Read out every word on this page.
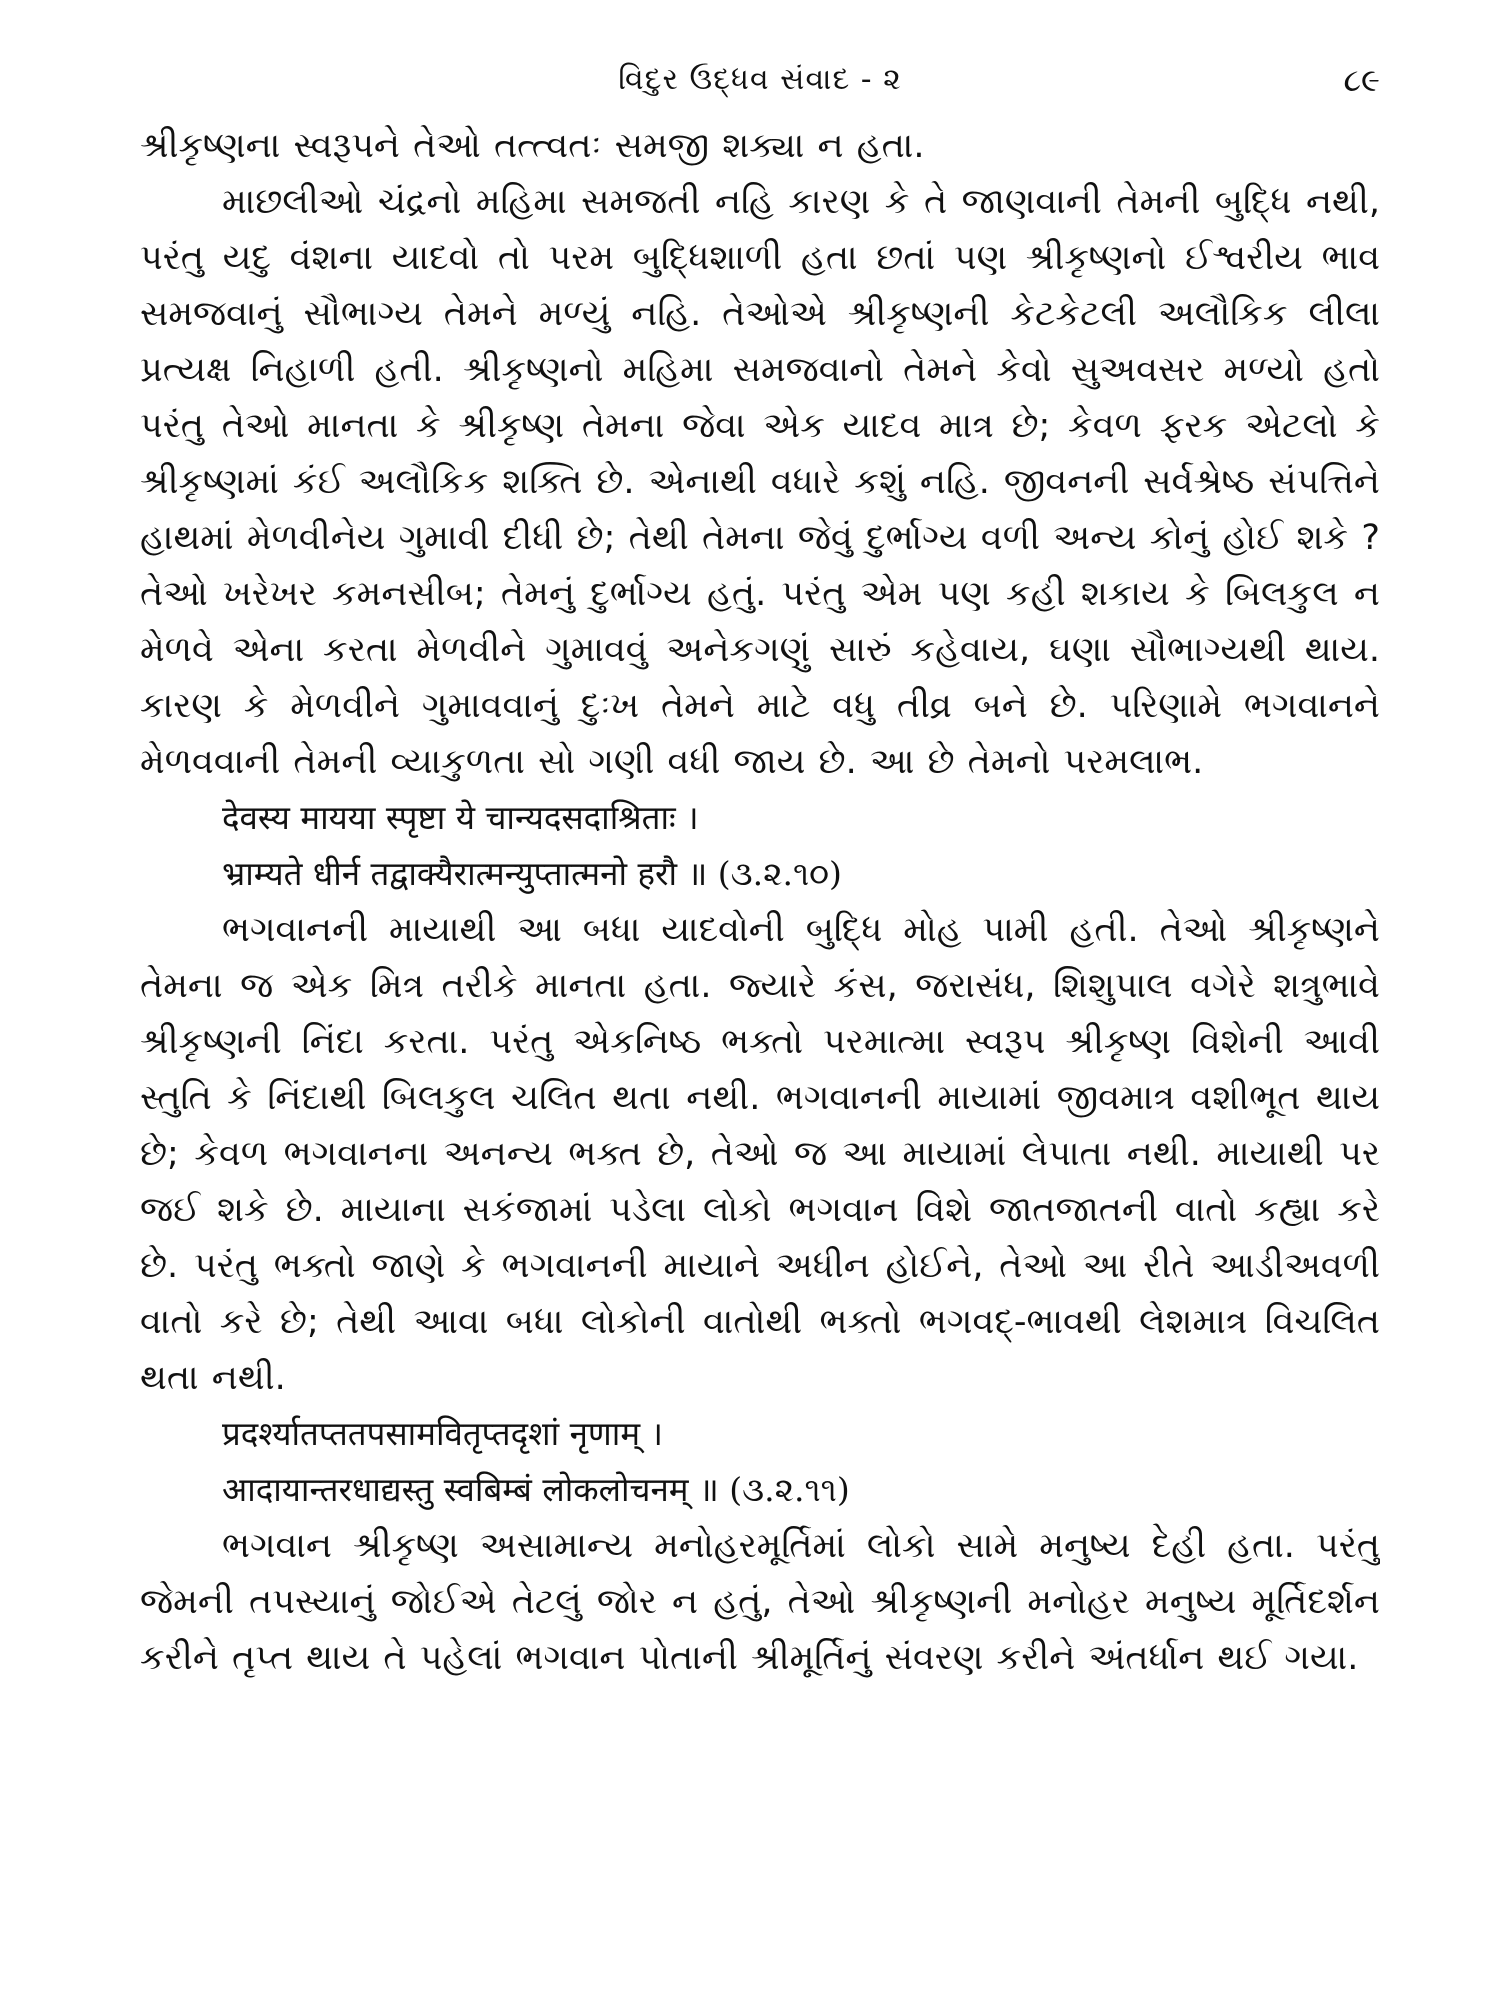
વિદુર ઉદ્ધવ સંવાદ - ૨	૮૯

શ્રીકૃષ્ણના સ્વરૂપને તેઓ તત્ત્વતઃ સમજી શક્યા ન હતા.

માછલીઓ ચંદ્રનો મહિમા સમજતી નહિ કારણ કે તે જાણવાની તેમની બુદ્ધિ નથી, પરંતુ યદુ વંશના યાદવો તો પરમ બુદ્ધિશાળી હતા છતાં પણ શ્રીકૃષ્ણનો ઈશ્વરીય ભાવ સમજવાનું સૌભાગ્ય તેમને મળ્યું નહિ. તેઓએ શ્રીકૃષ્ણની કેટકેટલી અલૌકિક લીલા પ્રત્યક્ષ નિહાળી હતી. શ્રીકૃષ્ણનો મહિમા સમજવાનો તેમને કેવો સુઅવસર મળ્યો હતો પરંતુ તેઓ માનતા કે શ્રીકૃષ્ણ તેમના જેવા એક યાદવ માત્ર છે; કેવળ ફરક એટલો કે શ્રીકૃષ્ણમાં કંઈ અલૌકિક શક્તિ છે. એનાથી વધારે કશું નહિ. જીવનની સર્વશ્રેષ્ઠ સંપત્તિને હાથમાં મેળવીનેય ગુમાવી દીધી છે; તેથી તેમના જેવું દુર્ભાગ્ય વળી અન્ય કોનું હોઈ શકે ? તેઓ ખરેખર કમનસીબ; તેમનું દુર્ભાગ્ય હતું. પરંતુ એમ પણ કહી શકાય કે બિલકુલ ન મેળવે એના કરતા મેળવીને ગુમાવવું અનેકગણું સારું કહેવાય, ઘણા સૌભાગ્યથી થાય. કારણ કે મેળવીને ગુમાવવાનું દુઃખ તેમને માટે વધુ તીવ્ર બને છે. પરિણામે ભગવાનને મેળવવાની તેમની વ્યાકુળતા સો ગણી વધી જાય છે. આ છે તેમનો પરમલાભ.

देवस्य मायया स्पृष्टा ये चान्यदसदाश्रिताः ।

भ्राम्यते धीर्न तद्वाक्यैरात्मन्युप्तात्मनो हरौ ॥ (૩.૨.૧૦)

ભગવાનની માયાથી આ બધા યાદવોની બુદ્ધિ મોહ પામી હતી. તેઓ શ્રીકૃષ્ણને તેમના જ એક મિત્ર તરીકે માનતા હતા. જ્યારે કંસ, જરાસંધ, શિશુપાલ વગેરે શત્રુભાવે શ્રીકૃષ્ણની નિંદા કરતા. પરંતુ એકનિષ્ઠ ભક્તો પરમાત્મા સ્વરૂપ શ્રીકૃષ્ણ વિશેની આવી સ્તુતિ કે નિંદાથી બિલકુલ ચલિત થતા નથી. ભગવાનની માયામાં જીવમાત્ર વશીભૂત થાય છે; કેવળ ભગવાનના અનન્ય ભક્ત છે, તેઓ જ આ માયામાં લેપાતા નથી. માયાથી પર જઈ શકે છે. માયાના સકંજામાં પડેલા લોકો ભગવાન વિશે જાતજાતની વાતો કહ્યા કરે છે. પરંતુ ભક્તો જાણે કે ભગવાનની માયાને અધીન હોઈને, તેઓ આ રીતે આડીઅવળી વાતો કરે છે; તેથી આવા બધા લોકોની વાતોથી ભક્તો ભગવદ્-ભાવથી લેશમાત્ર વિચલિત થતા નથી.

प्रदर्श्यातप्ततपसामवितृप्तदृशां नृणाम् ।

आदायान्तरधाद्यस्तु स्वबिम्बं लोकलोचनम् ॥ (૩.૨.૧૧)

ભગવાન શ્રીકૃષ્ણ અસામાન્ય મનોહરમૂર્તિમાં લોકો સામે મનુષ્ય દેહી હતા. પરંતુ જેમની તપસ્યાનું જોઈએ તેટલું જોર ન હતું, તેઓ શ્રીકૃષ્ણની મનોહર મનુષ્ય મૂર્તિદર્શન કરીને તૃપ્ત થાય તે પહેલાં ભગવાન પોતાની શ્રીમૂર્તિનું સંવરણ કરીને અંતર્ધાન થઈ ગયા.
